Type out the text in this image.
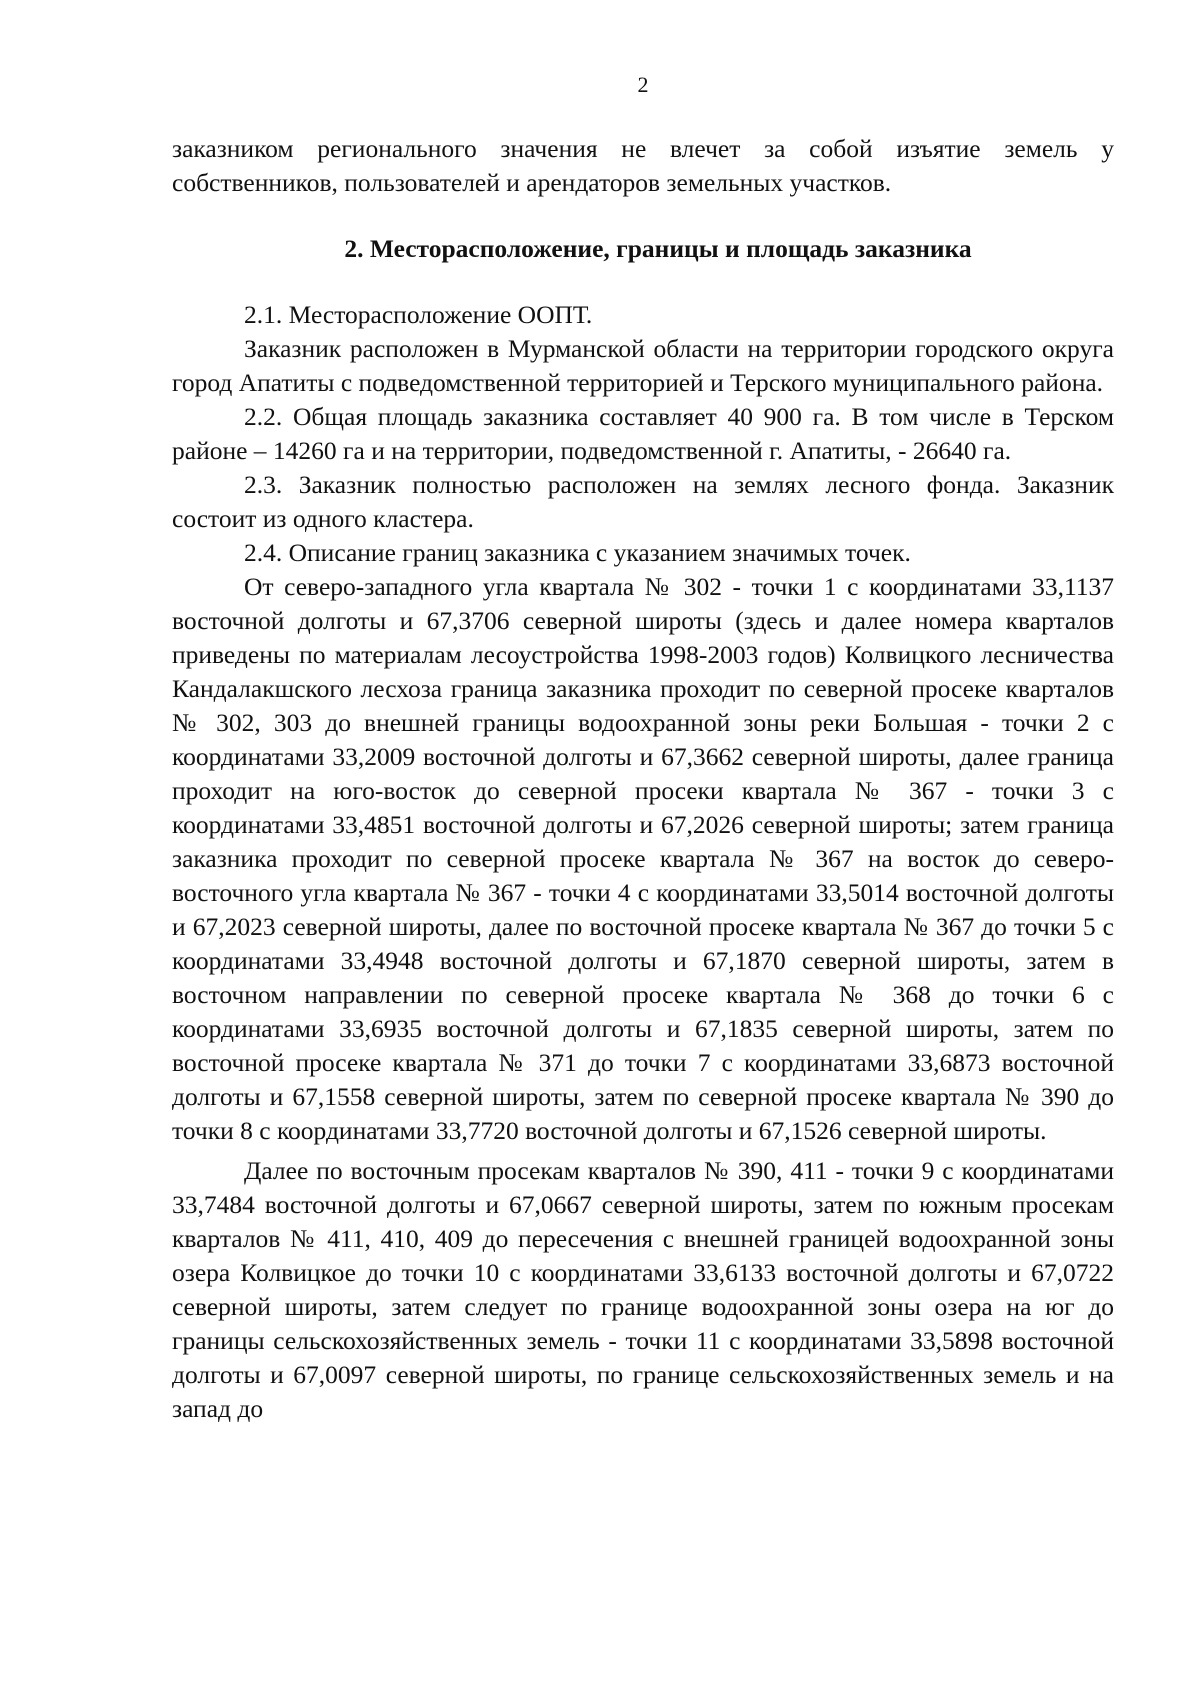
2

заказником регионального значения не влечет за собой изъятие земель у собственников, пользователей и арендаторов земельных участков.

2. Месторасположение, границы и площадь заказника

2.1. Месторасположение ООПТ.

Заказник расположен в Мурманской области на территории городского округа город Апатиты с подведомственной территорией и Терского муниципального района.

2.2. Общая площадь заказника составляет 40 900 га. В том числе в Терском районе – 14260 га и на территории, подведомственной г. Апатиты, - 26640 га.

2.3. Заказник полностью расположен на землях лесного фонда. Заказник состоит из одного кластера.

2.4. Описание границ заказника с указанием значимых точек.

От северо-западного угла квартала № 302 - точки 1 с координатами 33,1137 восточной долготы и 67,3706 северной широты (здесь и далее номера кварталов приведены по материалам лесоустройства 1998-2003 годов) Колвицкого лесничества Кандалакшского лесхоза граница заказника проходит по северной просеке кварталов № 302, 303 до внешней границы водоохранной зоны реки Большая - точки 2 с координатами 33,2009 восточной долготы и 67,3662 северной широты, далее граница проходит на юго-восток до северной просеки квартала № 367 - точки 3 с координатами 33,4851 восточной долготы и 67,2026 северной широты; затем граница заказника проходит по северной просеке квартала № 367 на восток до северо-восточного угла квартала № 367 - точки 4 с координатами 33,5014 восточной долготы и 67,2023 северной широты, далее по восточной просеке квартала № 367 до точки 5 с координатами 33,4948 восточной долготы и 67,1870 северной широты, затем в восточном направлении по северной просеке квартала № 368 до точки 6 с координатами 33,6935 восточной долготы и 67,1835 северной широты, затем по восточной просеке квартала № 371 до точки 7 с координатами 33,6873 восточной долготы и 67,1558 северной широты, затем по северной просеке квартала № 390 до точки 8 с координатами 33,7720 восточной долготы и 67,1526 северной широты.

Далее по восточным просекам кварталов № 390, 411 - точки 9 с координатами 33,7484 восточной долготы и 67,0667 северной широты, затем по южным просекам кварталов № 411, 410, 409 до пересечения с внешней границей водоохранной зоны озера Колвицкое до точки 10 с координатами 33,6133 восточной долготы и 67,0722 северной широты, затем следует по границе водоохранной зоны озера на юг до границы сельскохозяйственных земель - точки 11 с координатами 33,5898 восточной долготы и 67,0097 северной широты, по границе сельскохозяйственных земель и на запад до
